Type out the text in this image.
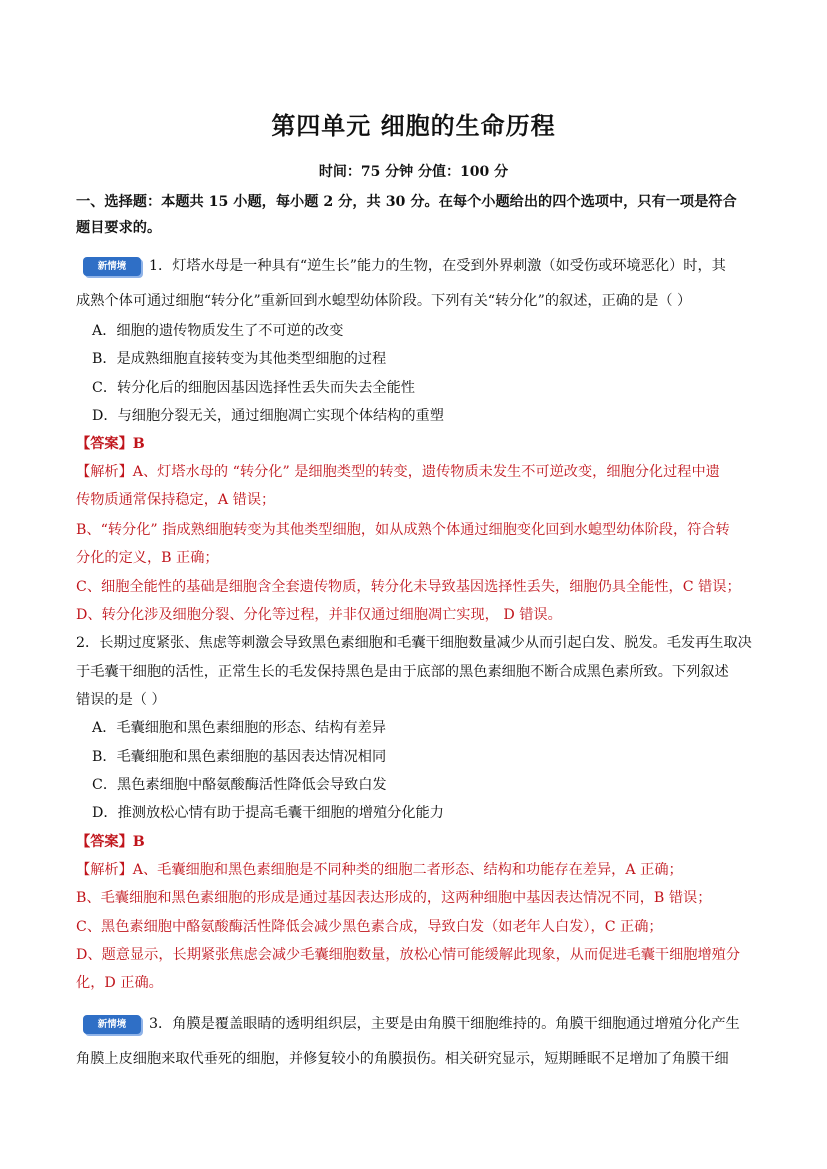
第四单元 细胞的生命历程
时间：75 分钟 分值：100 分
一、选择题：本题共 15 小题，每小题 2 分，共 30 分。在每个小题给出的四个选项中，只有一项是符合
题目要求的。
新情境 1．灯塔水母是一种具有“逆生长”能力的生物，在受到外界刺激（如受伤或环境恶化）时，其
成熟个体可通过细胞“转分化”重新回到水螅型幼体阶段。下列有关“转分化”的叙述，正确的是（ ）
A．细胞的遗传物质发生了不可逆的改变
B．是成熟细胞直接转变为其他类型细胞的过程
C．转分化后的细胞因基因选择性丢失而失去全能性
D．与细胞分裂无关，通过细胞凋亡实现个体结构的重塑
【答案】B
【解析】A、灯塔水母的 “转分化” 是细胞类型的转变，遗传物质未发生不可逆改变，细胞分化过程中遗
传物质通常保持稳定，A 错误；
B、“转分化” 指成熟细胞转变为其他类型细胞，如从成熟个体通过细胞变化回到水螅型幼体阶段，符合转
分化的定义，B 正确；
C、细胞全能性的基础是细胞含全套遗传物质，转分化未导致基因选择性丢失，细胞仍具全能性，C 错误；
D、转分化涉及细胞分裂、分化等过程，并非仅通过细胞凋亡实现， D 错误。
2．长期过度紧张、焦虑等刺激会导致黑色素细胞和毛囊干细胞数量减少从而引起白发、脱发。毛发再生取决
于毛囊干细胞的活性，正常生长的毛发保持黑色是由于底部的黑色素细胞不断合成黑色素所致。下列叙述
错误的是（ ）
A．毛囊细胞和黑色素细胞的形态、结构有差异
B．毛囊细胞和黑色素细胞的基因表达情况相同
C．黑色素细胞中酪氨酸酶活性降低会导致白发
D．推测放松心情有助于提高毛囊干细胞的增殖分化能力
【答案】B
【解析】A、毛囊细胞和黑色素细胞是不同种类的细胞二者形态、结构和功能存在差异，A 正确；
B、毛囊细胞和黑色素细胞的形成是通过基因表达形成的，这两种细胞中基因表达情况不同，B 错误；
C、黑色素细胞中酪氨酸酶活性降低会减少黑色素合成，导致白发（如老年人白发），C 正确；
D、题意显示，长期紧张焦虑会减少毛囊细胞数量，放松心情可能缓解此现象，从而促进毛囊干细胞增殖分
化，D 正确。
新情境 3．角膜是覆盖眼睛的透明组织层，主要是由角膜干细胞维持的。角膜干细胞通过增殖分化产生
角膜上皮细胞来取代垂死的细胞，并修复较小的角膜损伤。相关研究显示，短期睡眠不足增加了角膜干细
